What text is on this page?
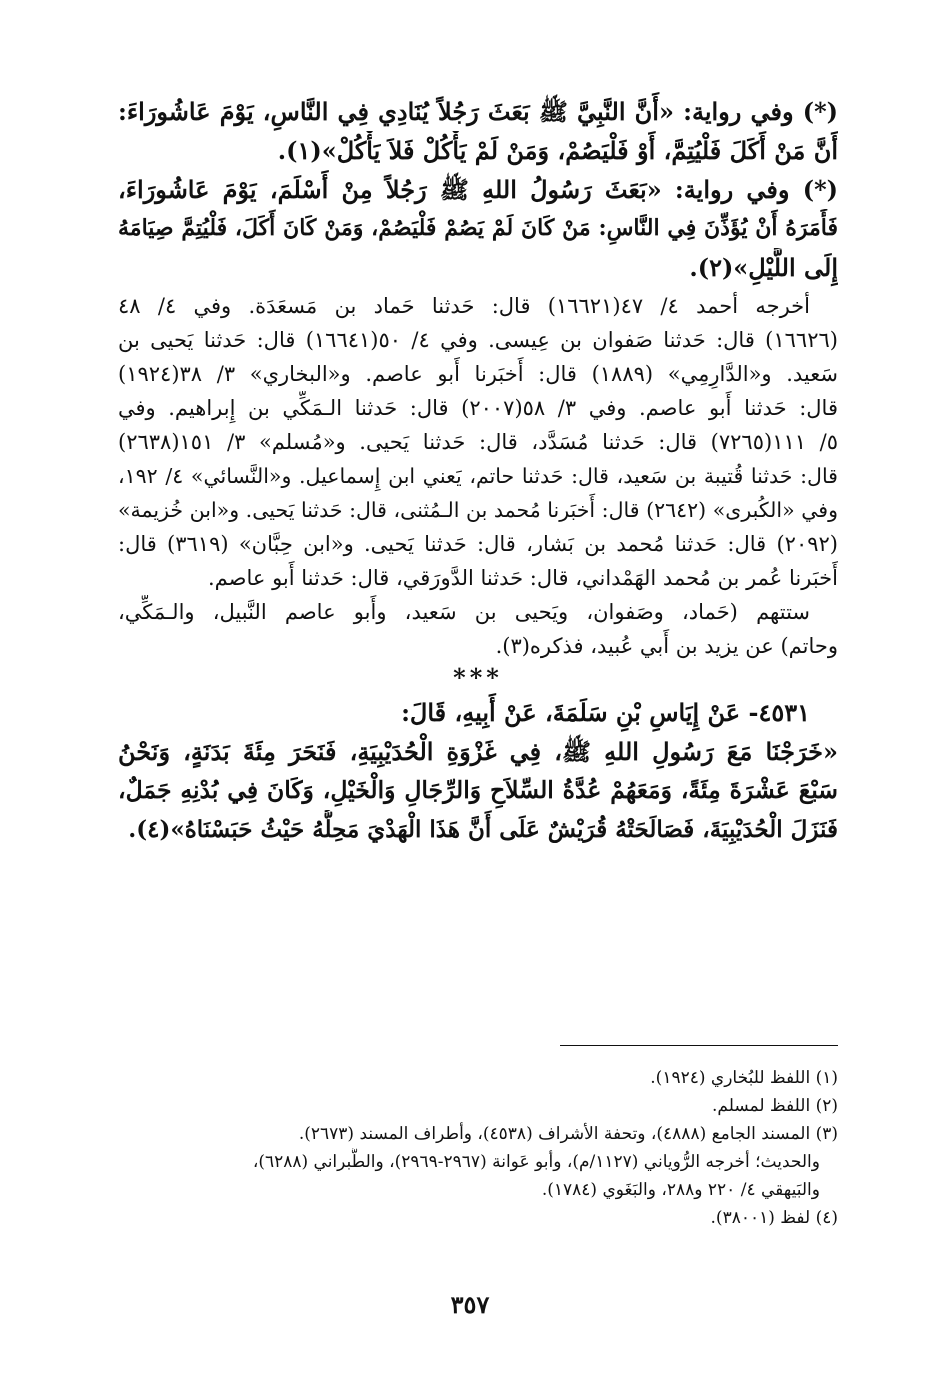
(*) وفي رواية: «أَنَّ النَّبِيَّ ﷺ بَعَثَ رَجُلاً يُنَادِي فِي النَّاسِ، يَوْمَ عَاشُورَاءَ:
أَنَّ مَنْ أَكَلَ فَلْيُتِمَّ، أَوْ فَلْيَصُمْ، وَمَنْ لَمْ يَأْكُلْ فَلاَ يَأْكُلْ»(١).
(*) وفي رواية: «بَعَثَ رَسُولُ اللهِ ﷺ رَجُلاً مِنْ أَسْلَمَ، يَوْمَ عَاشُورَاءَ،
فَأَمَرَهُ أَنْ يُؤَذِّنَ فِي النَّاسِ: مَنْ كَانَ لَمْ يَصُمْ فَلْيَصُمْ، وَمَنْ كَانَ أَكَلَ، فَلْيُتِمَّ صِيَامَهُ
إِلَى اللَّيْلِ»(٢).
أخرجه أحمد ٤/ ٤٧(١٦٦٢١) قال: حَدثنا حَماد بن مَسعَدَة. وفي ٤/ ٤٨
(١٦٦٢٦) قال: حَدثنا صَفوان بن عِيسى. وفي ٤/ ٥٠(١٦٦٤١) قال: حَدثنا يَحيى بن
سَعيد. و«الدَّارِمِي» (١٨٨٩) قال: أَخبَرنا أَبو عاصم. و«البخاري» ٣/ ٣٨(١٩٢٤)
قال: حَدثنا أَبو عاصم. وفي ٣/ ٥٨(٢٠٠٧) قال: حَدثنا الـمَكِّي بن إِبراهيم. وفي
٥/ ١١١(٧٢٦٥) قال: حَدثنا مُسَدَّد، قال: حَدثنا يَحيى. و«مُسلم» ٣/ ١٥١(٢٦٣٨)
قال: حَدثنا قُتيبة بن سَعيد، قال: حَدثنا حاتم، يَعني ابن إِسماعيل. و«النَّسائي» ٤/ ١٩٢،
وفي «الكُبرى» (٢٦٤٢) قال: أَخبَرنا مُحمد بن الـمُثنى، قال: حَدثنا يَحيى. و«ابن خُزيمة»
(٢٠٩٢) قال: حَدثنا مُحمد بن بَشار، قال: حَدثنا يَحيى. و«ابن حِبَّان» (٣٦١٩) قال:
أَخبَرنا عُمر بن مُحمد الهَمْداني، قال: حَدثنا الدَّورَقي، قال: حَدثنا أَبو عاصم.
ستتهم (حَماد، وصَفوان، ويَحيى بن سَعيد، وأَبو عاصم النَّبيل، والـمَكِّي،
وحاتم) عن يزيد بن أَبي عُبيد، فذكره(٣).
***
٤٥٣١- عَنْ إِيَاسِ بْنِ سَلَمَةَ، عَنْ أَبِيهِ، قَالَ:
«خَرَجْنَا مَعَ رَسُولِ اللهِ ﷺ، فِي غَزْوَةِ الْحُدَيْبِيَةِ، فَنَحَرَ مِئَةَ بَدَنَةٍ، وَنَحْنُ
سَبْعَ عَشْرَةَ مِئَةً، وَمَعَهُمْ عُدَّةُ السِّلاَحِ وَالرِّجَالِ وَالْخَيْلِ، وَكَانَ فِي بُدْنِهِ جَمَلٌ،
فَنَزَلَ الْحُدَيْبِيَةَ، فَصَالَحَتْهُ قُرَيْشٌ عَلَى أَنَّ هَذَا الْهَدْيَ مَحِلُّهُ حَيْثُ حَبَسْنَاهُ»(٤).
(١) اللفظ للبُخاري (١٩٢٤).
(٢) اللفظ لمسلم.
(٣) المسند الجامع (٤٨٨٨)، وتحفة الأشراف (٤٥٣٨)، وأطراف المسند (٢٦٧٣).
والحديث؛ أخرجه الرُّوياني (١١٢٧/م)، وأبو عَوانة (٢٩٦٧-٢٩٦٩)، والطَّبراني (٦٢٨٨)،
والبَيهقي ٤/ ٢٢٠ و٢٨٨، والبَغَوي (١٧٨٤).
(٤) لفظ (٣٨٠٠١).
٣٥٧
